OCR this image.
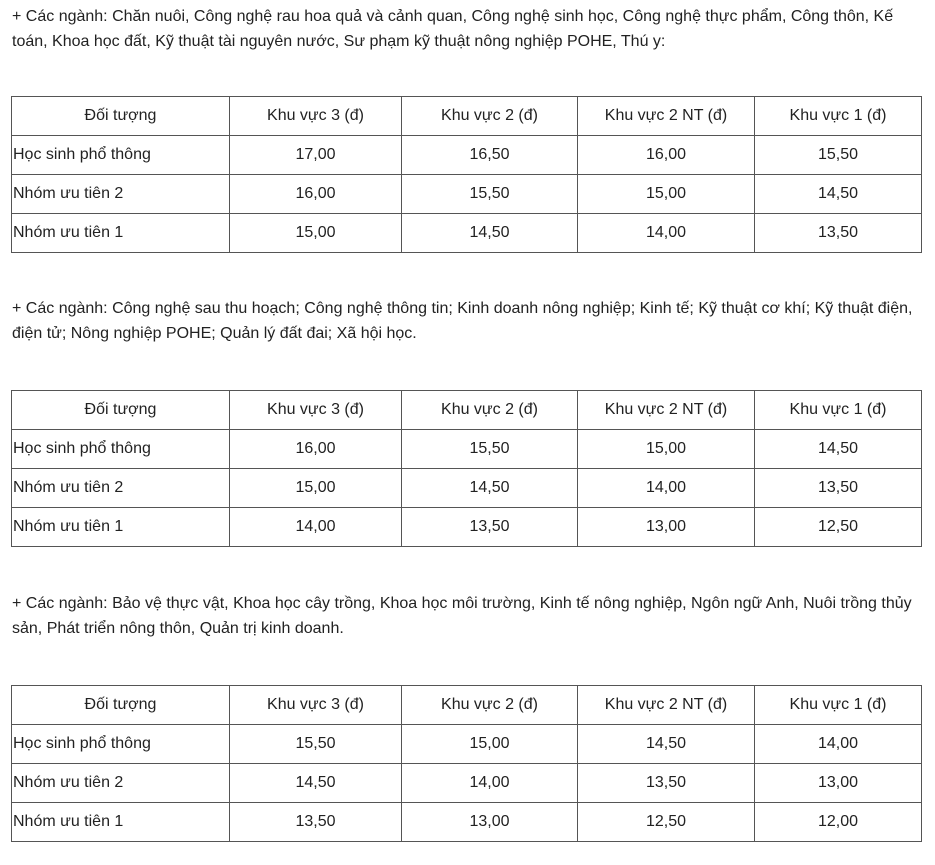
+ Các ngành: Chăn nuôi, Công nghệ rau hoa quả và cảnh quan, Công nghệ sinh học, Công nghệ thực phẩm, Công thôn, Kế toán, Khoa học đất, Kỹ thuật tài nguyên nước, Sư phạm kỹ thuật nông nghiệp POHE, Thú y:

Đối tượng	Khu vực 3 (đ)	Khu vực 2 (đ)	Khu vực 2 NT (đ)	Khu vực 1 (đ)
Học sinh phổ thông	17,00	16,50	16,00	15,50
Nhóm ưu tiên 2	16,00	15,50	15,00	14,50
Nhóm ưu tiên 1	15,00	14,50	14,00	13,50

+ Các ngành: Công nghệ sau thu hoạch; Công nghệ thông tin; Kinh doanh nông nghiệp; Kinh tế; Kỹ thuật cơ khí; Kỹ thuật điện, điện tử; Nông nghiệp POHE; Quản lý đất đai; Xã hội học.

Đối tượng	Khu vực 3 (đ)	Khu vực 2 (đ)	Khu vực 2 NT (đ)	Khu vực 1 (đ)
Học sinh phổ thông	16,00	15,50	15,00	14,50
Nhóm ưu tiên 2	15,00	14,50	14,00	13,50
Nhóm ưu tiên 1	14,00	13,50	13,00	12,50

+ Các ngành: Bảo vệ thực vật, Khoa học cây trồng, Khoa học môi trường, Kinh tế nông nghiệp, Ngôn ngữ Anh, Nuôi trồng thủy sản, Phát triển nông thôn, Quản trị kinh doanh.

Đối tượng	Khu vực 3 (đ)	Khu vực 2 (đ)	Khu vực 2 NT (đ)	Khu vực 1 (đ)
Học sinh phổ thông	15,50	15,00	14,50	14,00
Nhóm ưu tiên 2	14,50	14,00	13,50	13,00
Nhóm ưu tiên 1	13,50	13,00	12,50	12,00
